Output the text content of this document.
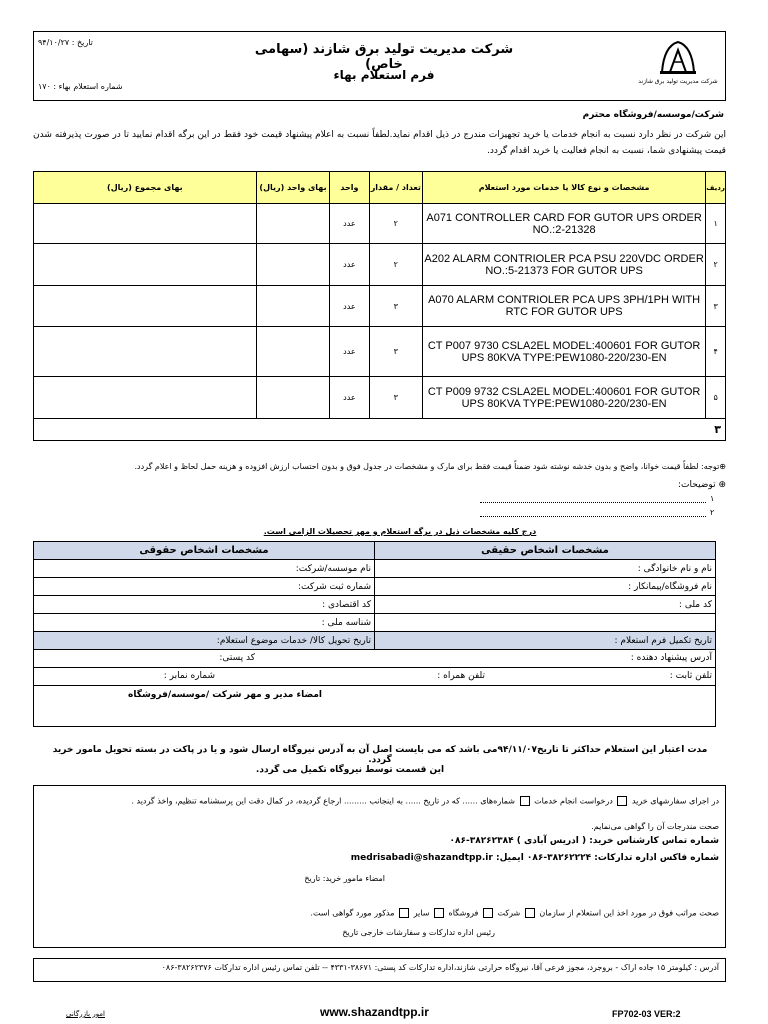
شرکت مدیریت تولید برق شازند (سهامی خاص)
فرم استعلام بهاء
تاریخ : ۹۴/۱۰/۲۷
شماره استعلام بهاء : ۱۷۰
شرکت مدیریت تولید برق شازند
شرکت/موسسه/فروشگاه محترم
این شرکت در نظر دارد نسبت به انجام خدمات یا خرید تجهیزات مندرج در ذیل اقدام نماید.لطفاً نسبت به اعلام پیشنهاد قیمت خود فقط در این برگه اقدام نمایید تا در صورت پذیرفته شدن قیمت پیشنهادی شما، نسبت به انجام فعالیت یا خرید اقدام گردد.
بهای مجموع (ریال)	بهای واحد (ریال)	واحد	تعداد / مقدار	مشخصات و نوع کالا یا خدمات مورد استعلام	ردیف
		عدد	۲	A071 CONTROLLER CARD FOR GUTOR UPS ORDER NO.:2-21328	۱
		عدد	۲	A202 ALARM CONTRIOLER PCA PSU 220VDC ORDER NO.:5-21373 FOR GUTOR UPS	۲
		عدد	۳	A070 ALARM CONTRIOLER PCA UPS 3PH/1PH WITH RTC FOR GUTOR UPS	۳
		عدد	۳	CT P007 9730 CSLA2EL MODEL:400601 FOR GUTOR UPS 80KVA TYPE:PEW1080-220/230-EN	۴
		عدد	۳	CT P009 9732 CSLA2EL MODEL:400601 FOR GUTOR UPS 80KVA TYPE:PEW1080-220/230-EN	۵
۳					
⊕توجه: لطفاً قیمت خوانا، واضح و بدون خدشه نوشته شود ضمناً قیمت فقط برای مارک و مشخصات در جدول فوق و بدون احتساب ارزش افزوده و هزینه حمل لحاظ و اعلام گردد.
⊕ توضیحات:
۱
۲
درج کلیه مشخصات ذیل در برگه استعلام و مهر تحصیلات الزامی است.
مشخصات اشخاص حقوقی	مشخصات اشخاص حقیقی
نام موسسه/شرکت:	نام و نام خانوادگی :
شماره ثبت شرکت:	نام فروشگاه/پیمانکار :
کد اقتصادی :	کد ملی :
شناسه ملی :	
تاریخ تحویل کالا/ خدمات موضوع استعلام:	تاریخ تکمیل فرم استعلام :

آدرس پیشنهاد دهنده :
کد پستی:	

تلفن ثابت :
تلفن همراه :
شماره نمابر :	

امضاء مدیر و مهر شرکت /موسسه/فروشگاه	
مدت اعتبار این استعلام حداکثر تا تاریخ۹۴/۱۱/۰۷می باشد که می بایست اصل آن به آدرس نیروگاه ارسال شود و یا در پاکت در بسته تحویل مامور خرید گردد.
این قسمت توسط نیروگاه تکمیل می گردد.
در اجرای سفارشهای خرید  درخواست انجام خدمات  شماره‌های ...... که در تاریخ ...... به اینجانب ......... ارجاع گردیده، در کمال دقت این پرسشنامه تنظیم، واخذ گردید .
صحت مندرجات آن را گواهی می‌نمایم.
شماره تماس کارشناس خرید: ( ادریس آبادی ) ۳۸۲۶۲۳۸۴-۰۸۶
شماره فاکس اداره تدارکات: ۳۸۲۶۲۲۲۴-۰۸۶ ایمیل: medrisabadi@shazandtpp.ir
امضاء مامور خرید: تاریخ
صحت مراتب فوق در مورد اخذ این استعلام از سازمان  شرکت  فروشگاه  سایر  مذکور مورد گواهی است.
رئیس اداره تدارکات و سفارشات خارجی تاریخ
آدرس : کیلومتر ۱۵ جاده اراک - بروجرد، مجوز فرعی آقا، نیروگاه حرارتی شازند،اداره تدارکات کد پستی: ۳۸۶۷۱-۴۳۳۱ -- تلفن تماس رئیس اداره تدارکات ۳۸۲۶۲۳۷۶-۰۸۶
امور بازرگانی	www.shazandtpp.ir	FP702-03 VER:2
